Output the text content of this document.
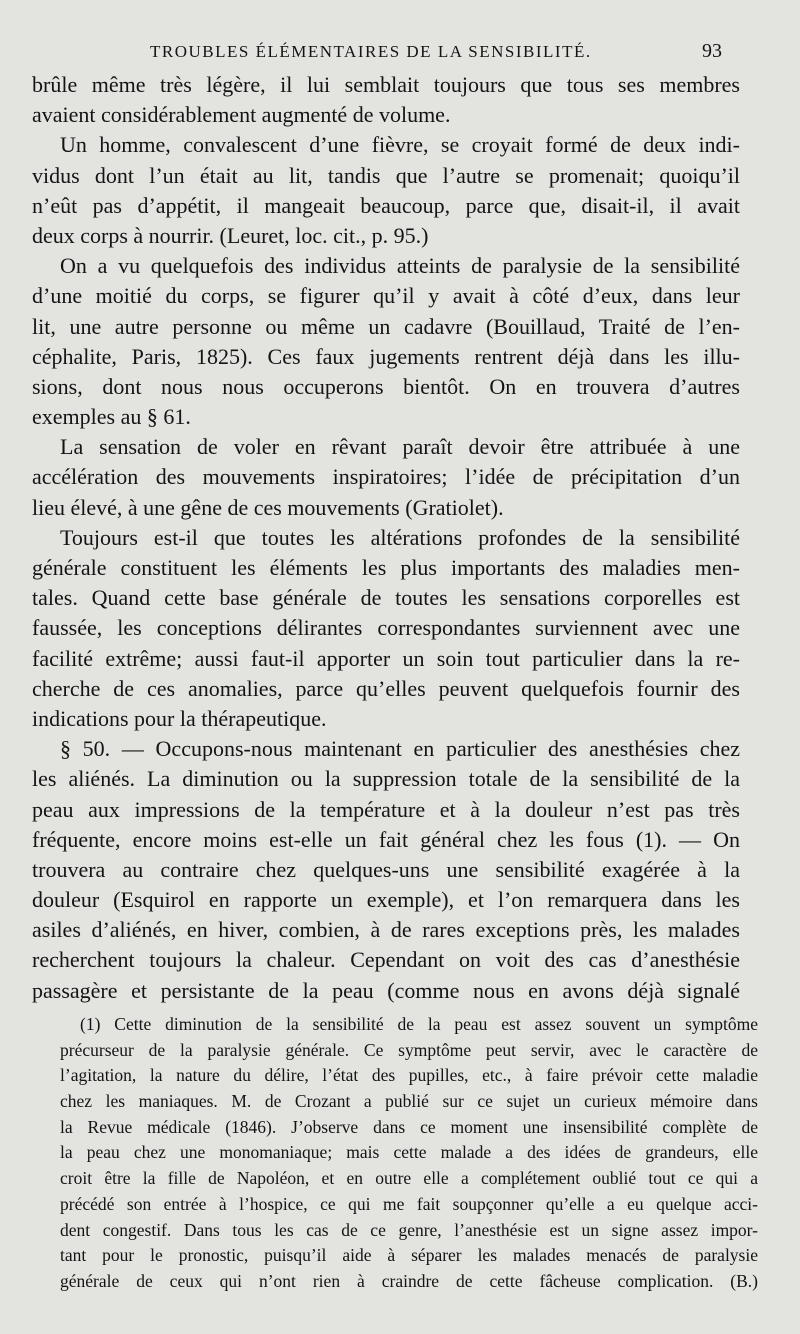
TROUBLES ÉLÉMENTAIRES DE LA SENSIBILITÉ.	93
brûle même très légère, il lui semblait toujours que tous ses membres
avaient considérablement augmenté de volume.
Un homme, convalescent d’une fièvre, se croyait formé de deux indi-
vidus dont l’un était au lit, tandis que l’autre se promenait; quoiqu’il
n’eût pas d’appétit, il mangeait beaucoup, parce que, disait-il, il avait
deux corps à nourrir. (Leuret, loc. cit., p. 95.)
On a vu quelquefois des individus atteints de paralysie de la sensibilité
d’une moitié du corps, se figurer qu’il y avait à côté d’eux, dans leur
lit, une autre personne ou même un cadavre (Bouillaud, Traité de l’en-
céphalite, Paris, 1825). Ces faux jugements rentrent déjà dans les illu-
sions, dont nous nous occuperons bientôt. On en trouvera d’autres
exemples au § 61.
La sensation de voler en rêvant paraît devoir être attribuée à une
accélération des mouvements inspiratoires; l’idée de précipitation d’un
lieu élevé, à une gêne de ces mouvements (Gratiolet).
Toujours est-il que toutes les altérations profondes de la sensibilité
générale constituent les éléments les plus importants des maladies men-
tales. Quand cette base générale de toutes les sensations corporelles est
faussée, les conceptions délirantes correspondantes surviennent avec une
facilité extrême; aussi faut-il apporter un soin tout particulier dans la re-
cherche de ces anomalies, parce qu’elles peuvent quelquefois fournir des
indications pour la thérapeutique.
§ 50. — Occupons-nous maintenant en particulier des anesthésies chez
les aliénés. La diminution ou la suppression totale de la sensibilité de la
peau aux impressions de la température et à la douleur n’est pas très
fréquente, encore moins est-elle un fait général chez les fous (1). — On
trouvera au contraire chez quelques-uns une sensibilité exagérée à la
douleur (Esquirol en rapporte un exemple), et l’on remarquera dans les
asiles d’aliénés, en hiver, combien, à de rares exceptions près, les malades
recherchent toujours la chaleur. Cependant on voit des cas d’anesthésie
passagère et persistante de la peau (comme nous en avons déjà signalé
(1) Cette diminution de la sensibilité de la peau est assez souvent un symptôme
précurseur de la paralysie générale. Ce symptôme peut servir, avec le caractère de
l’agitation, la nature du délire, l’état des pupilles, etc., à faire prévoir cette maladie
chez les maniaques. M. de Crozant a publié sur ce sujet un curieux mémoire dans
la Revue médicale (1846). J’observe dans ce moment une insensibilité complète de
la peau chez une monomaniaque; mais cette malade a des idées de grandeurs, elle
croit être la fille de Napoléon, et en outre elle a complétement oublié tout ce qui a
précédé son entrée à l’hospice, ce qui me fait soupçonner qu’elle a eu quelque acci-
dent congestif. Dans tous les cas de ce genre, l’anesthésie est un signe assez impor-
tant pour le pronostic, puisqu’il aide à séparer les malades menacés de paralysie
générale de ceux qui n’ont rien à craindre de cette fâcheuse complication. (B.)
